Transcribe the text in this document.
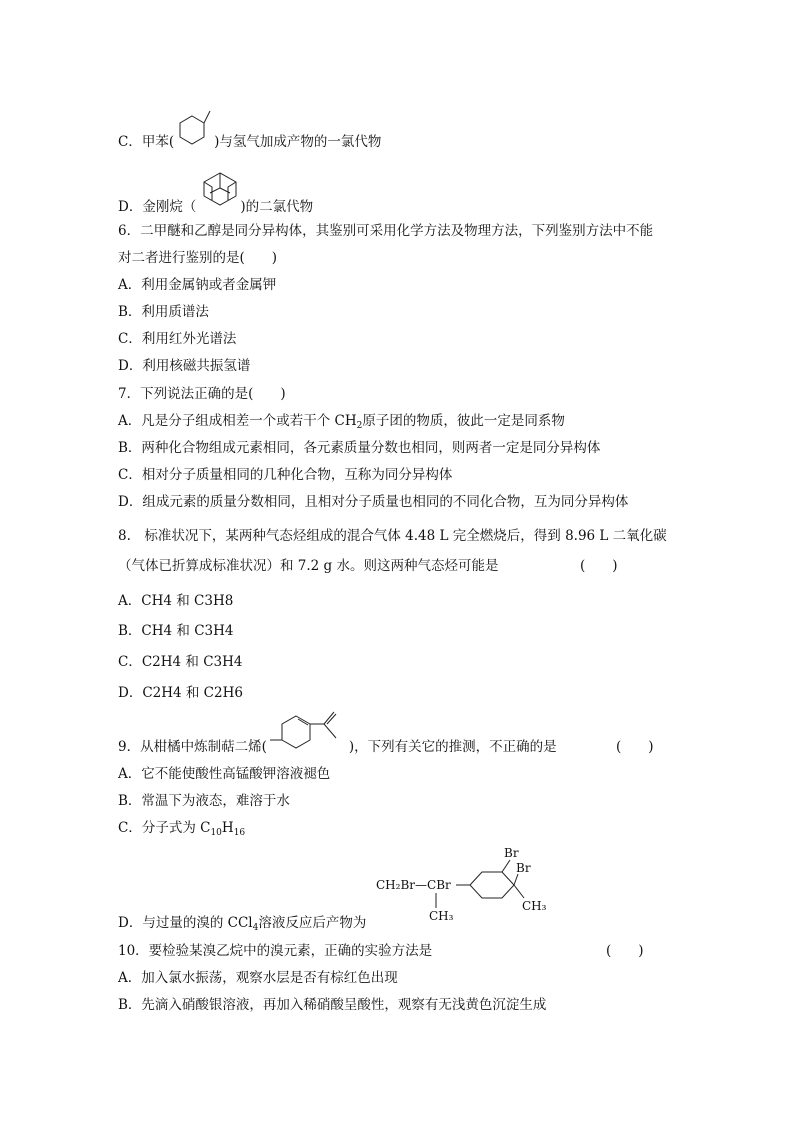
C．甲苯(	)与氢气加成产物的一氯代物
D．金刚烷（	)的二氯代物
6．二甲醚和乙醇是同分异构体，其鉴别可采用化学方法及物理方法，下列鉴别方法中不能
对二者进行鉴别的是(　　)
A．利用金属钠或者金属钾
B．利用质谱法
C．利用红外光谱法
D．利用核磁共振氢谱
7．下列说法正确的是(　　)
A．凡是分子组成相差一个或若干个 $CH_2$原子团的物质，彼此一定是同系物
B．两种化合物组成元素相同，各元素质量分数也相同，则两者一定是同分异构体
C．相对分子质量相同的几种化合物，互称为同分异构体
D．组成元素的质量分数相同，且相对分子质量也相同的不同化合物，互为同分异构体
8.　标准状况下，某两种气态烃组成的混合气体 4.48 L 完全燃烧后，得到 8.96 L 二氧化碳
（气体已折算成标准状况）和 7.2 g 水。则这两种气态烃可能是	(　　)
A．CH4 和 C3H8
B．CH4 和 C3H4
C．C2H4 和 C3H4
D．C2H4 和 C2H6
9．从柑橘中炼制萜二烯(	)，下列有关它的推测，不正确的是	(　　)
A．它不能使酸性高锰酸钾溶液褪色
B．常温下为液态，难溶于水
C．分子式为 $C_{10}H_{16}$
CH₂Br—CBr
CH₃
Br
Br
CH₃
D．与过量的溴的 CCl$_4$溶液反应后产物为
10．要检验某溴乙烷中的溴元素，正确的实验方法是	(　　)
A．加入氯水振荡，观察水层是否有棕红色出现
B．先滴入硝酸银溶液，再加入稀硝酸呈酸性，观察有无浅黄色沉淀生成
